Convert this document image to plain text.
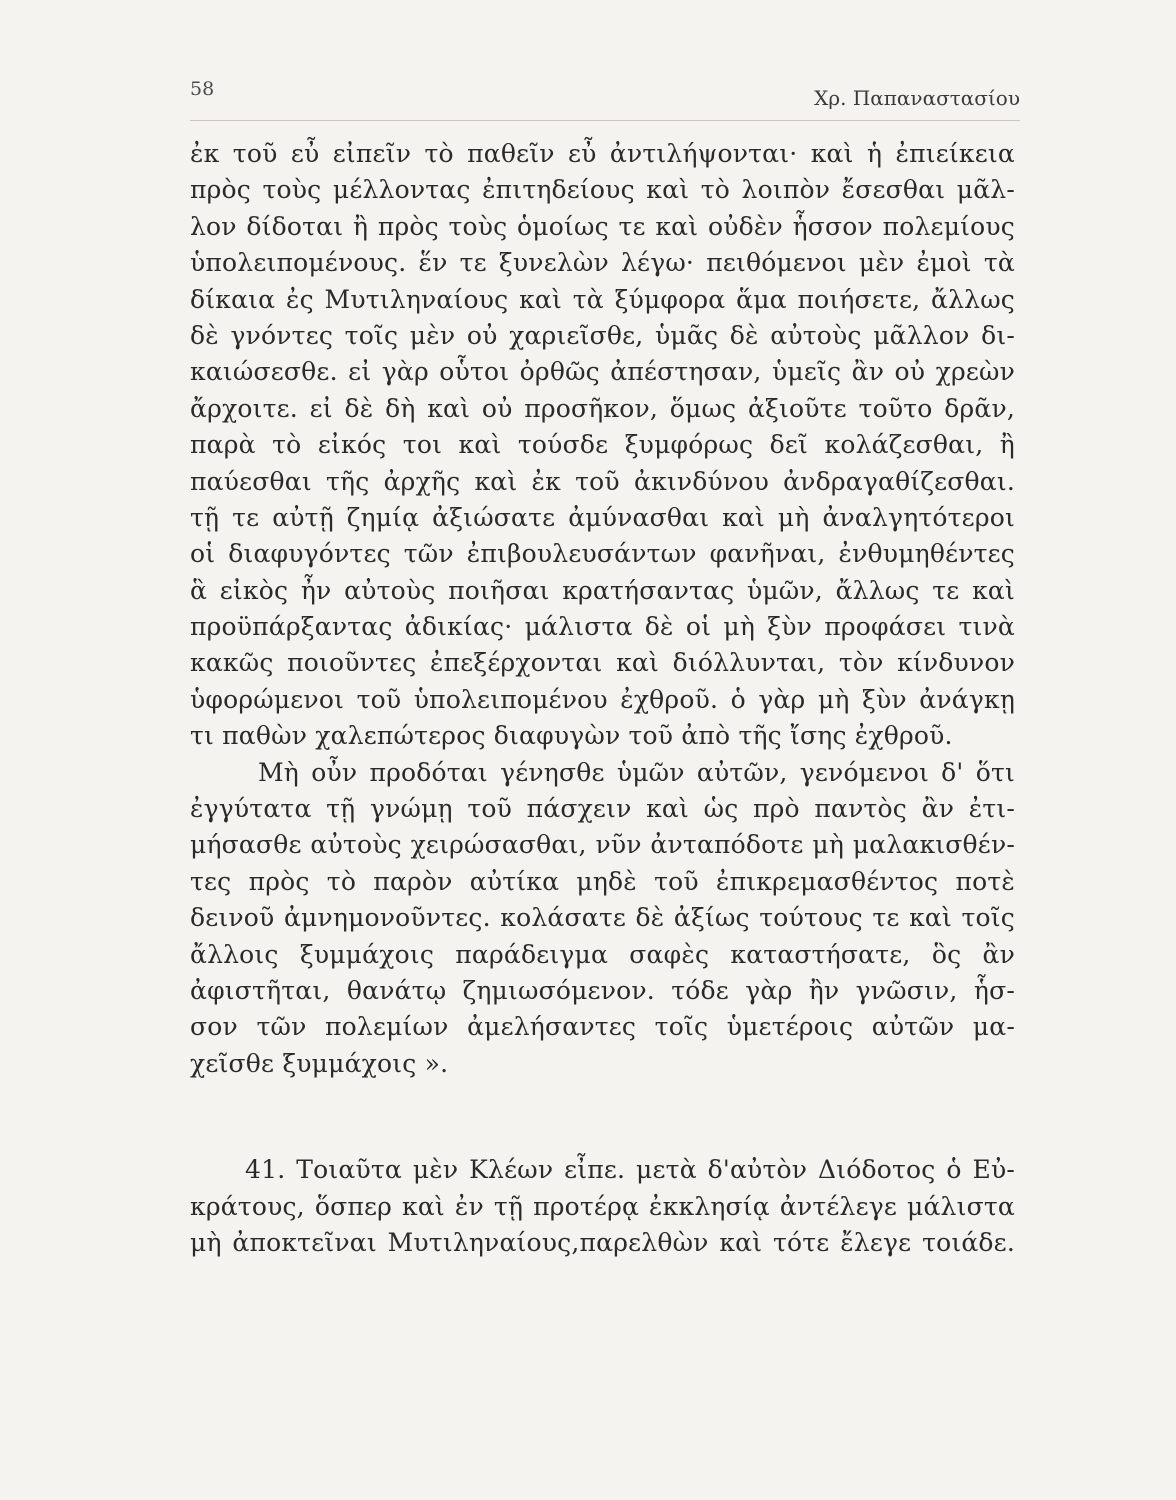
58	Χρ. Παπαναστασίου
ἐκ τοῦ εὖ εἰπεῖν τὸ παθεῖν εὖ ἀντιλήψονται· καὶ ἡ ἐπιείκεια
πρὸς τοὺς μέλλοντας ἐπιτηδείους καὶ τὸ λοιπὸν ἔσεσθαι μᾶλ-
λον δίδοται ἢ πρὸς τοὺς ὁμοίως τε καὶ οὐδὲν ἧσσον πολεμίους
ὑπολειπομένους. ἕν τε ξυνελὼν λέγω· πειθόμενοι μὲν ἐμοὶ τὰ
δίκαια ἐς Μυτιληναίους καὶ τὰ ξύμφορα ἅμα ποιήσετε, ἄλλως
δὲ γνόντες τοῖς μὲν οὐ χαριεῖσθε, ὑμᾶς δὲ αὐτοὺς μᾶλλον δι-
καιώσεσθε. εἰ γὰρ οὗτοι ὀρθῶς ἀπέστησαν, ὑμεῖς ἂν οὐ χρεὼν
ἄρχοιτε. εἰ δὲ δὴ καὶ οὐ προσῆκον, ὅμως ἀξιοῦτε τοῦτο δρᾶν,
παρὰ τὸ εἰκός τοι καὶ τούσδε ξυμφόρως δεῖ κολάζεσθαι, ἢ
παύεσθαι τῆς ἀρχῆς καὶ ἐκ τοῦ ἀκινδύνου ἀνδραγαθίζεσθαι.
τῇ τε αὐτῇ ζημίᾳ ἀξιώσατε ἀμύνασθαι καὶ μὴ ἀναλγητότεροι
οἱ διαφυγόντες τῶν ἐπιβουλευσάντων φανῆναι, ἐνθυμηθέντες
ἃ εἰκὸς ἦν αὐτοὺς ποιῆσαι κρατήσαντας ὑμῶν, ἄλλως τε καὶ
προϋπάρξαντας ἀδικίας· μάλιστα δὲ οἱ μὴ ξὺν προφάσει τινὰ
κακῶς ποιοῦντες ἐπεξέρχονται καὶ διόλλυνται, τὸν κίνδυνον
ὑφορώμενοι τοῦ ὑπολειπομένου ἐχθροῦ. ὁ γὰρ μὴ ξὺν ἀνάγκῃ
τι παθὼν χαλεπώτερος διαφυγὼν τοῦ ἀπὸ τῆς ἴσης ἐχθροῦ.
Μὴ οὖν προδόται γένησθε ὑμῶν αὐτῶν, γενόμενοι δ' ὅτι
ἐγγύτατα τῇ γνώμῃ τοῦ πάσχειν καὶ ὡς πρὸ παντὸς ἂν ἐτι-
μήσασθε αὐτοὺς χειρώσασθαι, νῦν ἀνταπόδοτε μὴ μαλακισθέν-
τες πρὸς τὸ παρὸν αὐτίκα μηδὲ τοῦ ἐπικρεμασθέντος ποτὲ
δεινοῦ ἀμνημονοῦντες. κολάσατε δὲ ἀξίως τούτους τε καὶ τοῖς
ἄλλοις ξυμμάχοις παράδειγμα σαφὲς καταστήσατε, ὃς ἂν
ἀφιστῆται, θανάτῳ ζημιωσόμενον. τόδε γὰρ ἢν γνῶσιν, ἧσ-
σον τῶν πολεμίων ἀμελήσαντες τοῖς ὑμετέροις αὐτῶν μα-
χεῖσθε ξυμμάχοις ».
41. Τοιαῦτα μὲν Κλέων εἶπε. μετὰ δ'αὐτὸν Διόδοτος ὁ Εὐ-
κράτους, ὅσπερ καὶ ἐν τῇ προτέρᾳ ἐκκλησίᾳ ἀντέλεγε μάλιστα
μὴ ἀποκτεῖναι Μυτιληναίους,παρελθὼν καὶ τότε ἔλεγε τοιάδε.
